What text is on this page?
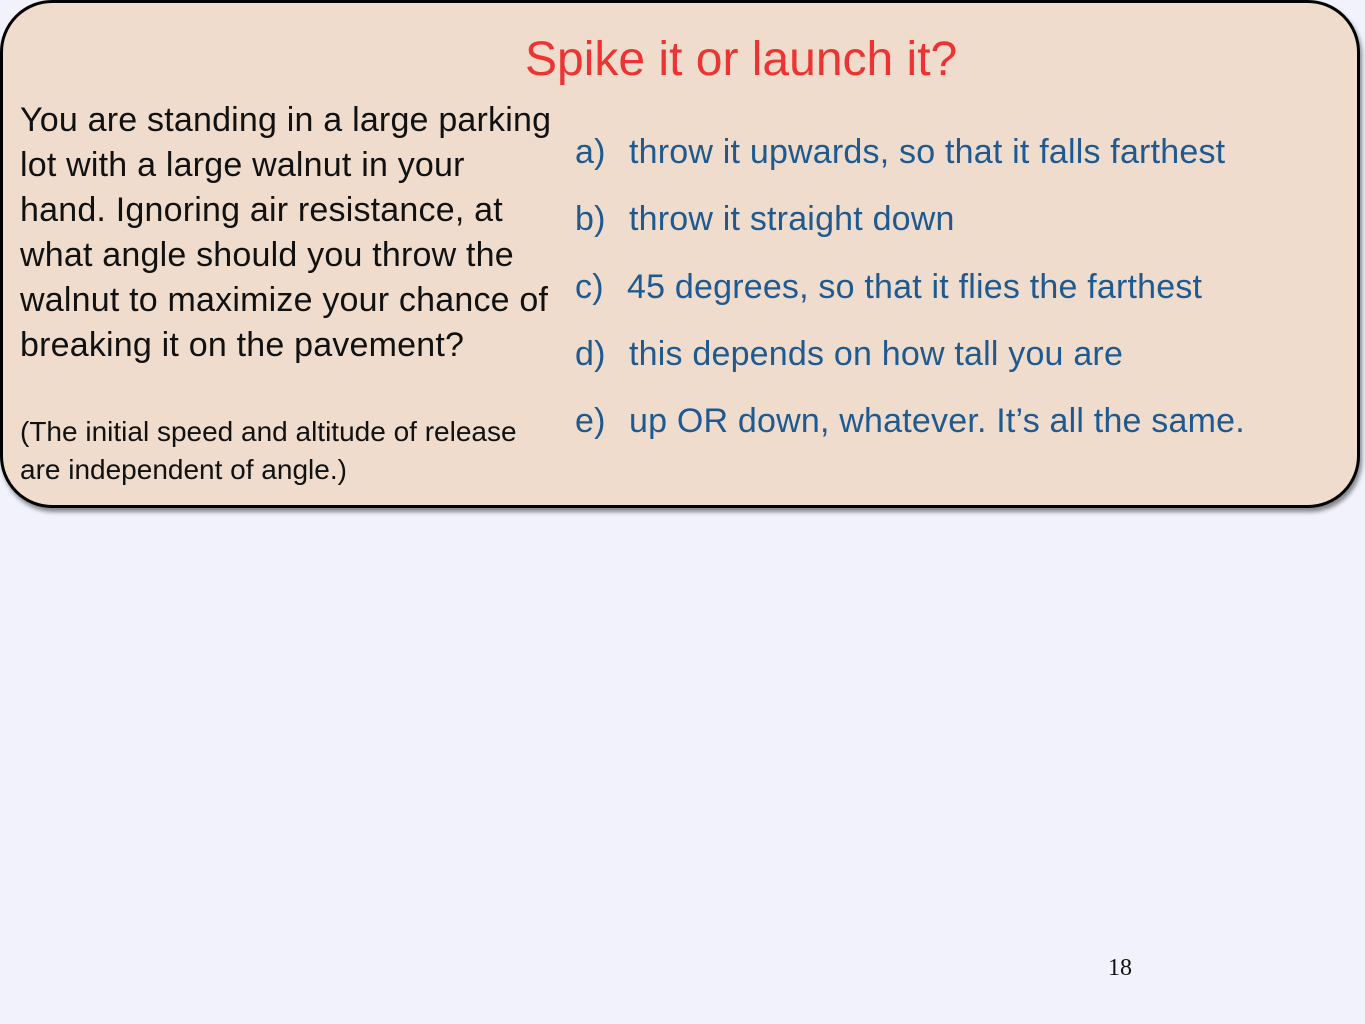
Spike it or launch it?

You are standing in a large parking lot with a large walnut in your hand. Ignoring air resistance, at what angle should you throw the walnut to maximize your chance of breaking it on the pavement?

(The initial speed and altitude of release are independent of angle.)

a) throw it upwards, so that it falls farthest
b) throw it straight down
c) 45 degrees, so that it flies the farthest
d) this depends on how tall you are
e) up OR down, whatever. It’s all the same.
18
